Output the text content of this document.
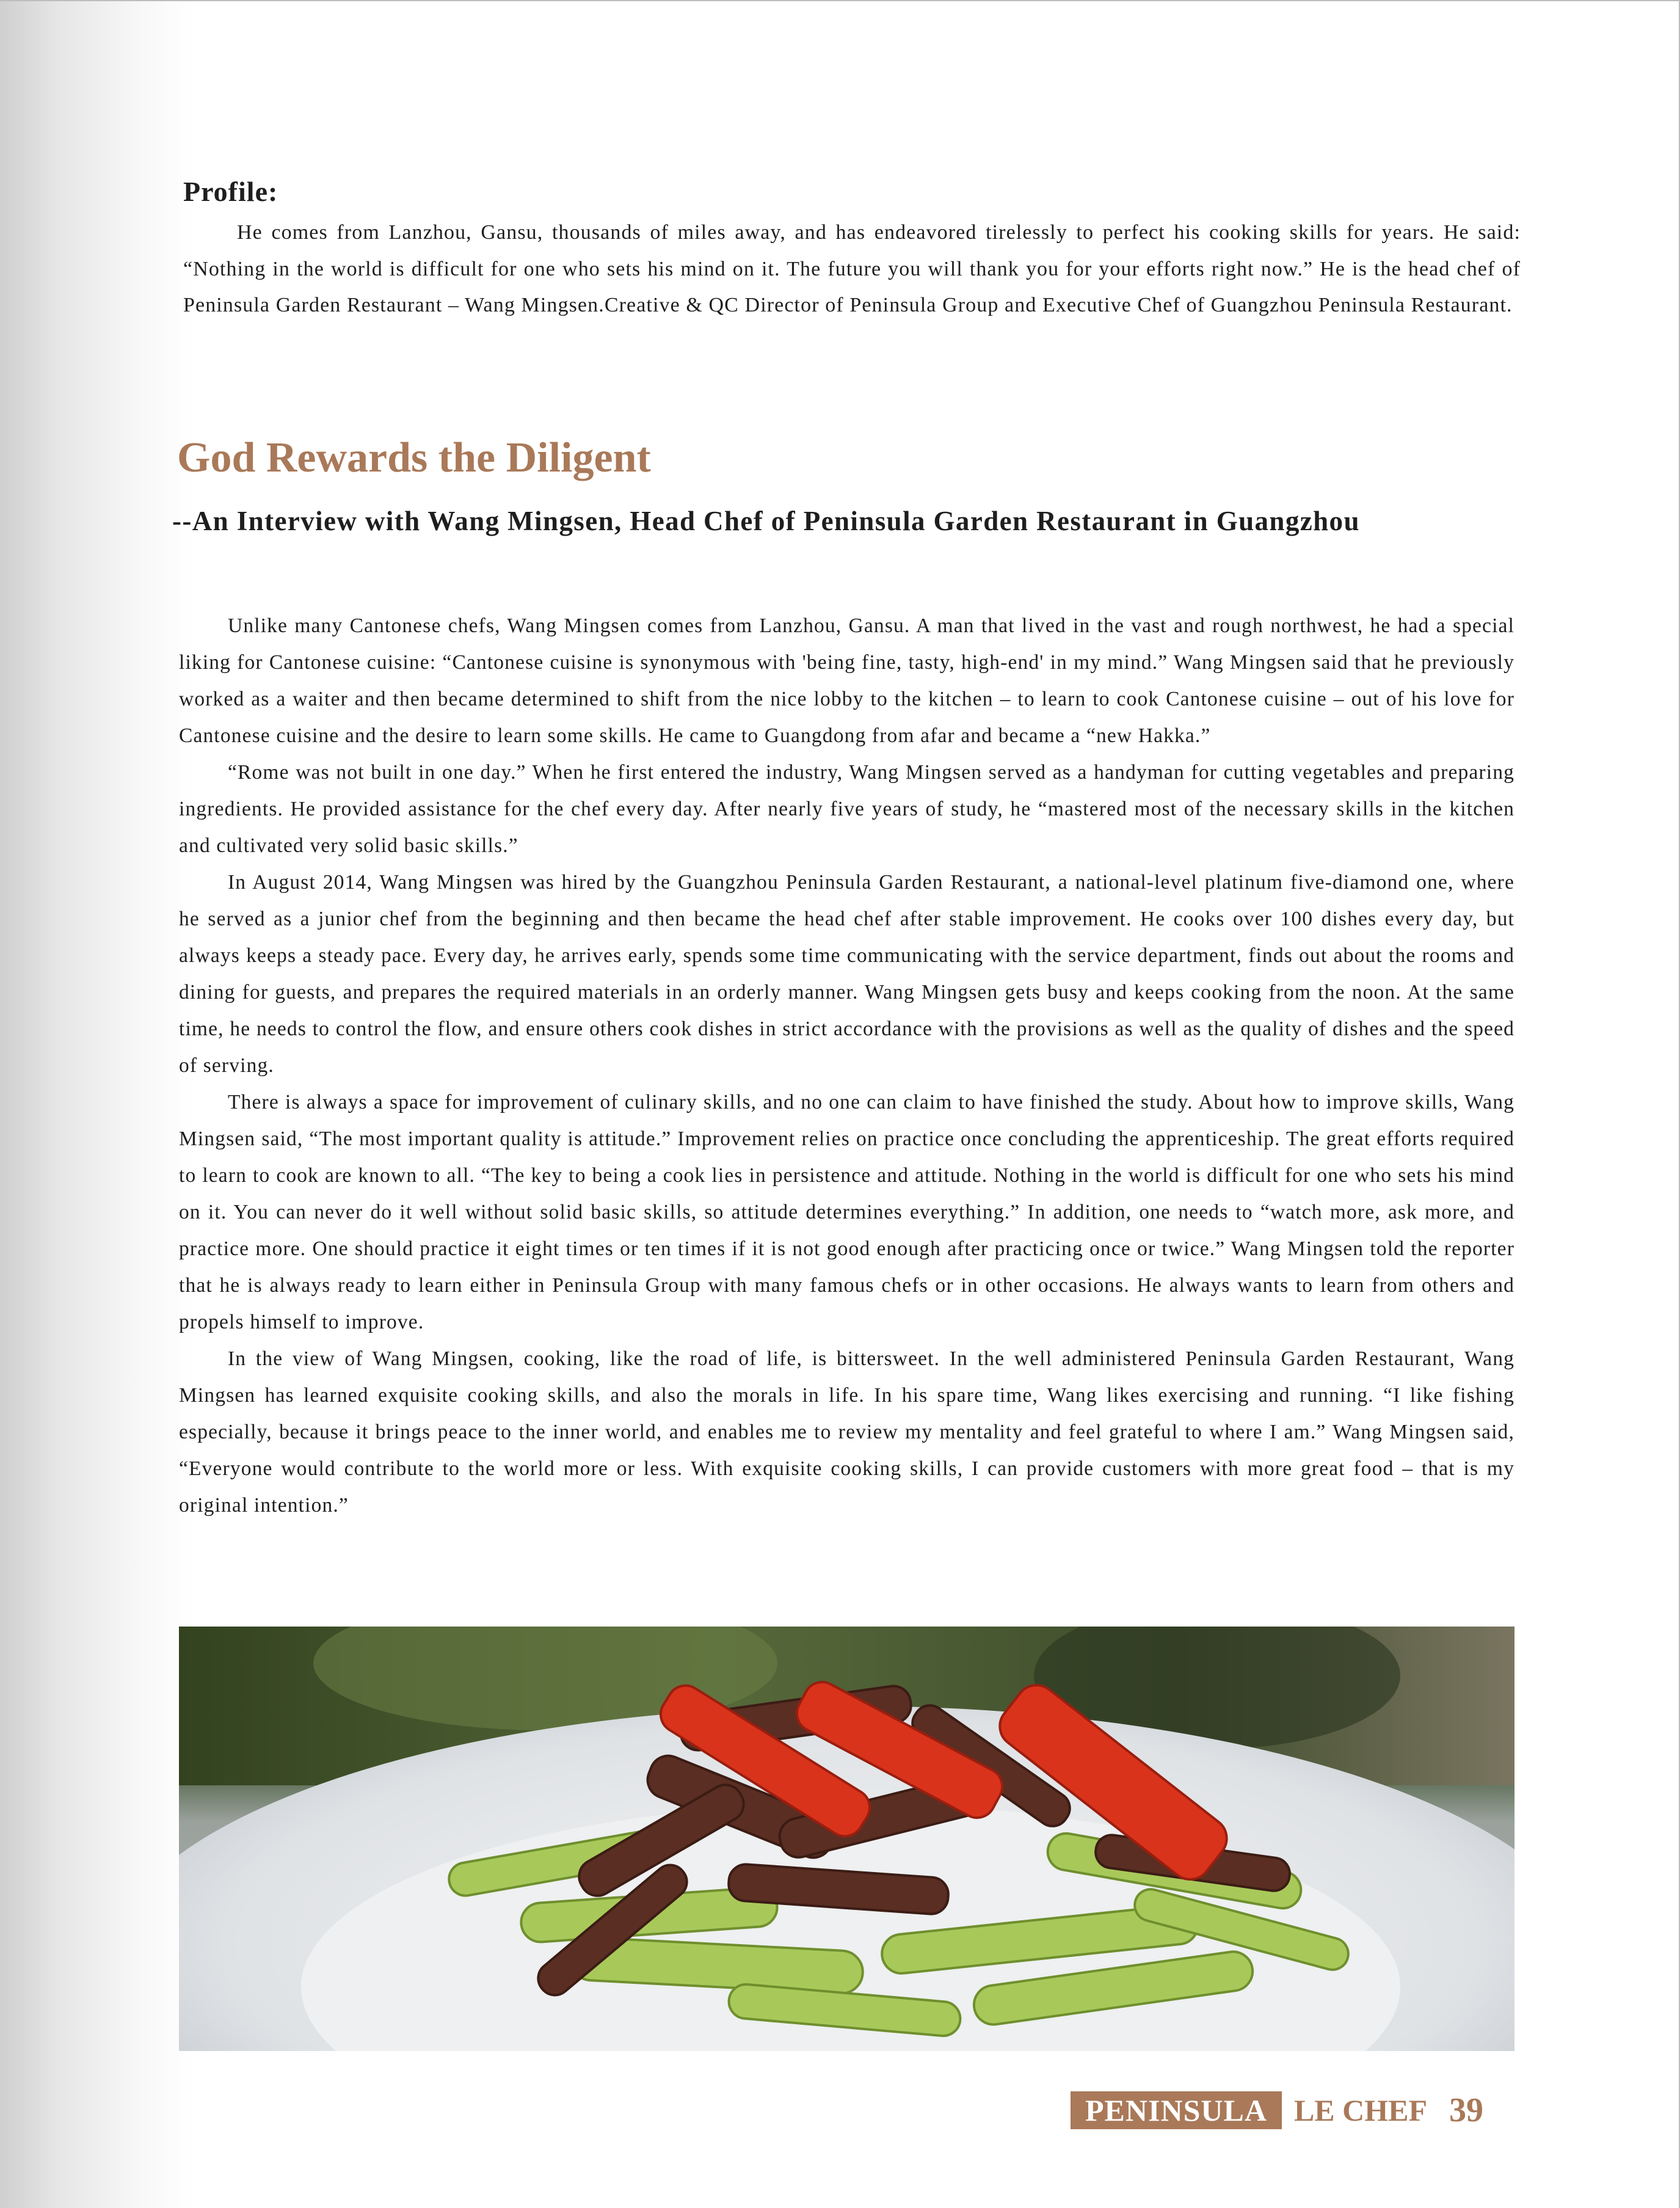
Profile:

He comes from Lanzhou, Gansu, thousands of miles away, and has endeavored tirelessly to perfect his cooking skills for years. He said: “Nothing in the world is difficult for one who sets his mind on it. The future you will thank you for your efforts right now.” He is the head chef of Peninsula Garden Restaurant – Wang Mingsen.Creative & QC Director of Peninsula Group and Executive Chef of Guangzhou Peninsula Restaurant.

God Rewards the Diligent
--An Interview with Wang Mingsen, Head Chef of Peninsula Garden Restaurant in Guangzhou

Unlike many Cantonese chefs, Wang Mingsen comes from Lanzhou, Gansu. A man that lived in the vast and rough northwest, he had a special liking for Cantonese cuisine: “Cantonese cuisine is synonymous with 'being fine, tasty, high-end' in my mind.” Wang Mingsen said that he previously worked as a waiter and then became determined to shift from the nice lobby to the kitchen – to learn to cook Cantonese cuisine – out of his love for Cantonese cuisine and the desire to learn some skills. He came to Guangdong from afar and became a “new Hakka.”

“Rome was not built in one day.” When he first entered the industry, Wang Mingsen served as a handyman for cutting vegetables and preparing ingredients. He provided assistance for the chef every day. After nearly five years of study, he “mastered most of the necessary skills in the kitchen and cultivated very solid basic skills.”

In August 2014, Wang Mingsen was hired by the Guangzhou Peninsula Garden Restaurant, a national-level platinum five-diamond one, where he served as a junior chef from the beginning and then became the head chef after stable improvement. He cooks over 100 dishes every day, but always keeps a steady pace. Every day, he arrives early, spends some time communicating with the service department, finds out about the rooms and dining for guests, and prepares the required materials in an orderly manner. Wang Mingsen gets busy and keeps cooking from the noon. At the same time, he needs to control the flow, and ensure others cook dishes in strict accordance with the provisions as well as the quality of dishes and the speed of serving.

There is always a space for improvement of culinary skills, and no one can claim to have finished the study. About how to improve skills, Wang Mingsen said, “The most important quality is attitude.” Improvement relies on practice once concluding the apprenticeship. The great efforts required to learn to cook are known to all. “The key to being a cook lies in persistence and attitude. Nothing in the world is difficult for one who sets his mind on it. You can never do it well without solid basic skills, so attitude determines everything.” In addition, one needs to “watch more, ask more, and practice more. One should practice it eight times or ten times if it is not good enough after practicing once or twice.” Wang Mingsen told the reporter that he is always ready to learn either in Peninsula Group with many famous chefs or in other occasions. He always wants to learn from others and propels himself to improve.

In the view of Wang Mingsen, cooking, like the road of life, is bittersweet. In the well administered Peninsula Garden Restaurant, Wang Mingsen has learned exquisite cooking skills, and also the morals in life. In his spare time, Wang likes exercising and running. “I like fishing especially, because it brings peace to the inner world, and enables me to review my mentality and feel grateful to where I am.” Wang Mingsen said, “Everyone would contribute to the world more or less. With exquisite cooking skills, I can provide customers with more great food – that is my original intention.”

PENINSULA LE CHEF 39
